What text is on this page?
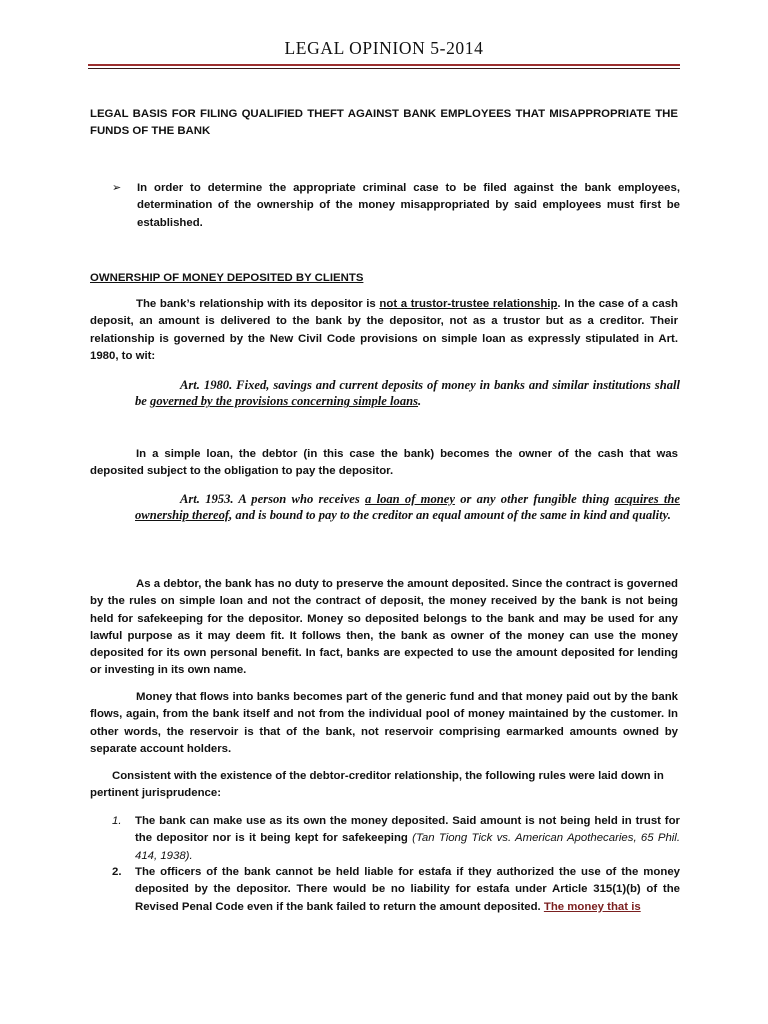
LEGAL OPINION 5-2014
LEGAL BASIS FOR FILING QUALIFIED THEFT AGAINST BANK EMPLOYEES THAT MISAPPROPRIATE THE FUNDS OF THE BANK
➢ In order to determine the appropriate criminal case to be filed against the bank employees, determination of the ownership of the money misappropriated by said employees must first be established.
OWNERSHIP OF MONEY DEPOSITED BY CLIENTS
The bank’s relationship with its depositor is not a trustor-trustee relationship. In the case of a cash deposit, an amount is delivered to the bank by the depositor, not as a trustor but as a creditor. Their relationship is governed by the New Civil Code provisions on simple loan as expressly stipulated in Art. 1980, to wit:
Art. 1980. Fixed, savings and current deposits of money in banks and similar institutions shall be governed by the provisions concerning simple loans.
In a simple loan, the debtor (in this case the bank) becomes the owner of the cash that was deposited subject to the obligation to pay the depositor.
Art. 1953. A person who receives a loan of money or any other fungible thing acquires the ownership thereof, and is bound to pay to the creditor an equal amount of the same in kind and quality.
As a debtor, the bank has no duty to preserve the amount deposited. Since the contract is governed by the rules on simple loan and not the contract of deposit, the money received by the bank is not being held for safekeeping for the depositor. Money so deposited belongs to the bank and may be used for any lawful purpose as it may deem fit. It follows then, the bank as owner of the money can use the money deposited for its own personal benefit. In fact, banks are expected to use the amount deposited for lending or investing in its own name.
Money that flows into banks becomes part of the generic fund and that money paid out by the bank flows, again, from the bank itself and not from the individual pool of money maintained by the customer. In other words, the reservoir is that of the bank, not reservoir comprising earmarked amounts owned by separate account holders.
Consistent with the existence of the debtor-creditor relationship, the following rules were laid down in pertinent jurisprudence:
1. The bank can make use as its own the money deposited. Said amount is not being held in trust for the depositor nor is it being kept for safekeeping (Tan Tiong Tick vs. American Apothecaries, 65 Phil. 414, 1938).
2. The officers of the bank cannot be held liable for estafa if they authorized the use of the money deposited by the depositor. There would be no liability for estafa under Article 315(1)(b) of the Revised Penal Code even if the bank failed to return the amount deposited. The money that is
